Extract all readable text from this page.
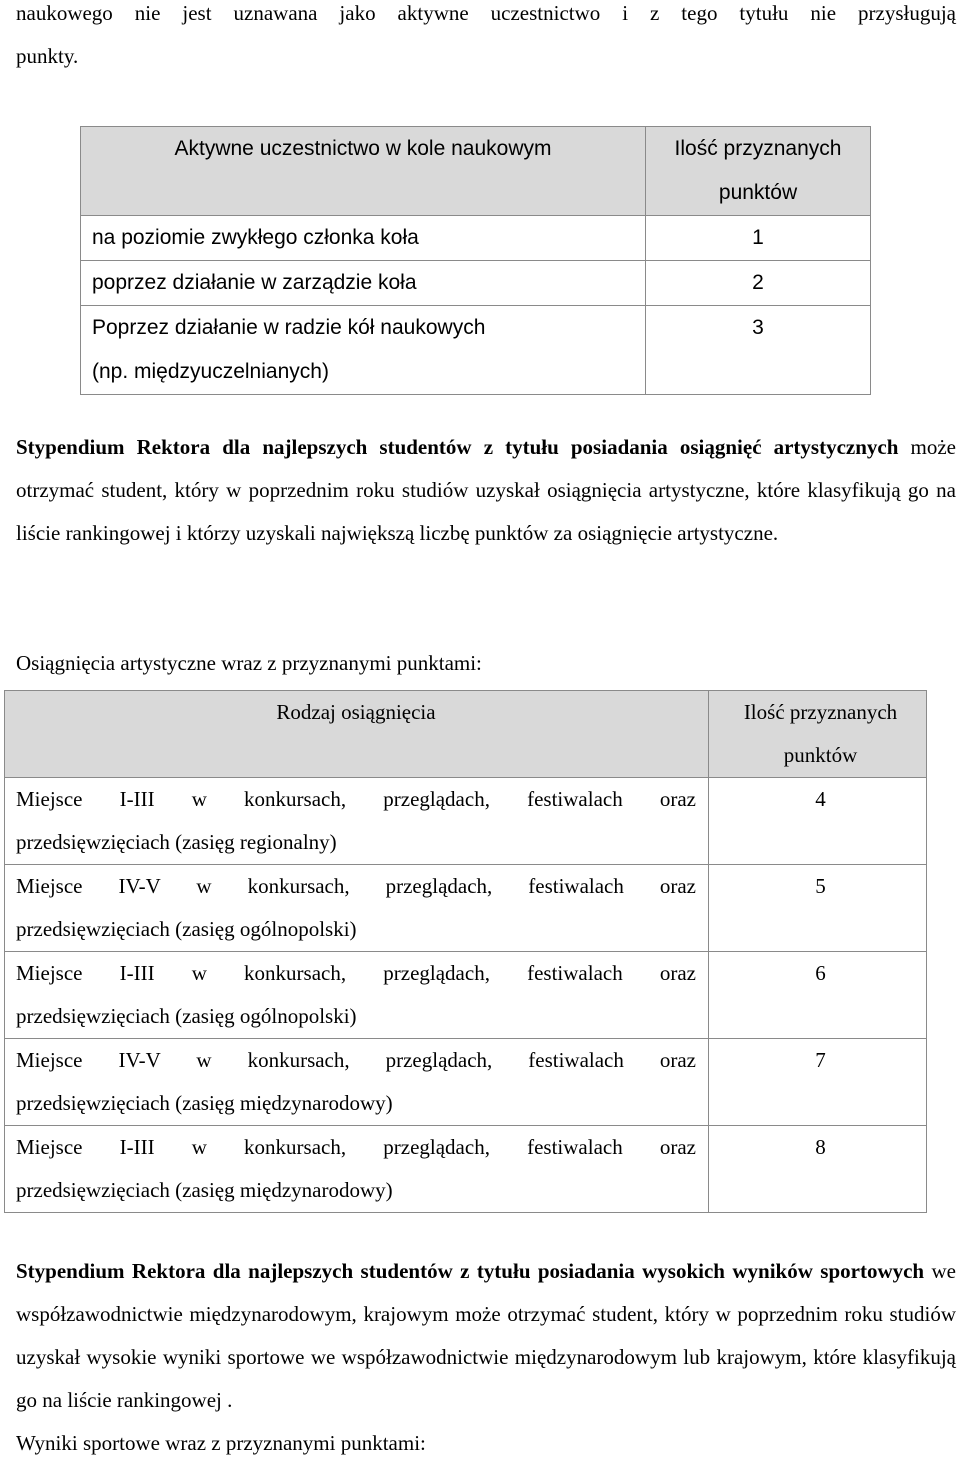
naukowego nie jest uznawana jako aktywne uczestnictwo i z tego tytułu nie przysługują
punkty.
Aktywne uczestnictwo w kole naukowym	Ilość przyznanych
punktów
na poziomie zwykłego członka koła	1
poprzez działanie w zarządzie koła	2
Poprzez działanie w radzie kół naukowych
(np. międzyuczelnianych)	3

Stypendium Rektora dla najlepszych studentów z tytułu posiadania osiągnięć artystycznych może otrzymać student, który w poprzednim roku studiów uzyskał osiągnięcia artystyczne, które klasyfikują go na liście rankingowej i którzy uzyskali największą liczbę punktów za osiągnięcie artystyczne.

Osiągnięcia artystyczne wraz z przyznanymi punktami:

Rodzaj osiągnięcia	Ilość przyznanych
punktów

Miejsce I-III w konkursach, przeglądach, festiwalach oraz
przedsięwzięciach (zasięg regionalny)	4

Miejsce IV-V w konkursach, przeglądach, festiwalach oraz
przedsięwzięciach (zasięg ogólnopolski)	5

Miejsce I-III w konkursach, przeglądach, festiwalach oraz
przedsięwzięciach (zasięg ogólnopolski)	6

Miejsce IV-V w konkursach, przeglądach, festiwalach oraz
przedsięwzięciach (zasięg międzynarodowy)	7

Miejsce I-III w konkursach, przeglądach, festiwalach oraz
przedsięwzięciach (zasięg międzynarodowy)	8

Stypendium Rektora dla najlepszych studentów z tytułu posiadania wysokich wyników sportowych we współzawodnictwie międzynarodowym, krajowym może otrzymać student, który w poprzednim roku studiów uzyskał wysokie wyniki sportowe we współzawodnictwie międzynarodowym lub krajowym, które klasyfikują go na liście rankingowej .

Wyniki sportowe wraz z przyznanymi punktami:
